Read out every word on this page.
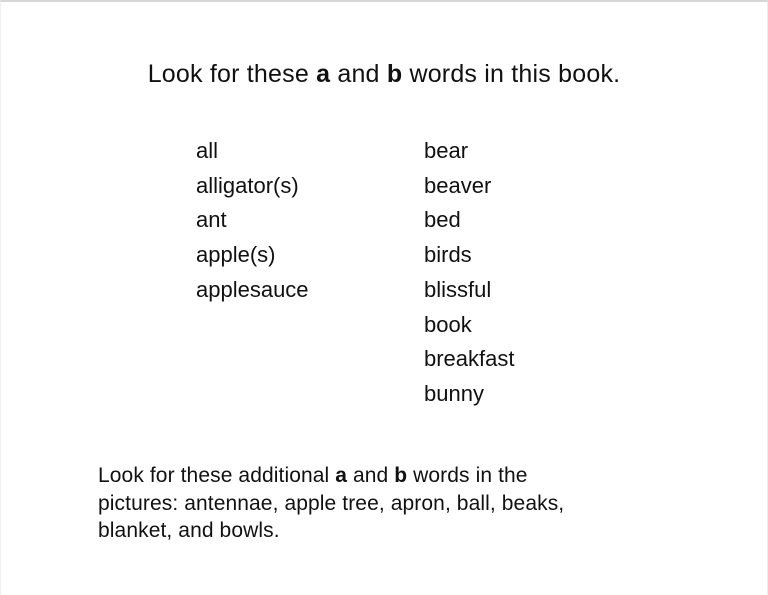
Look for these a and b words in this book.
all
alligator(s)
ant
apple(s)
applesauce
bear
beaver
bed
birds
blissful
book
breakfast
bunny

Look for these additional a and b words in the
pictures: antennae, apple tree, apron, ball, beaks,
blanket, and bowls.
